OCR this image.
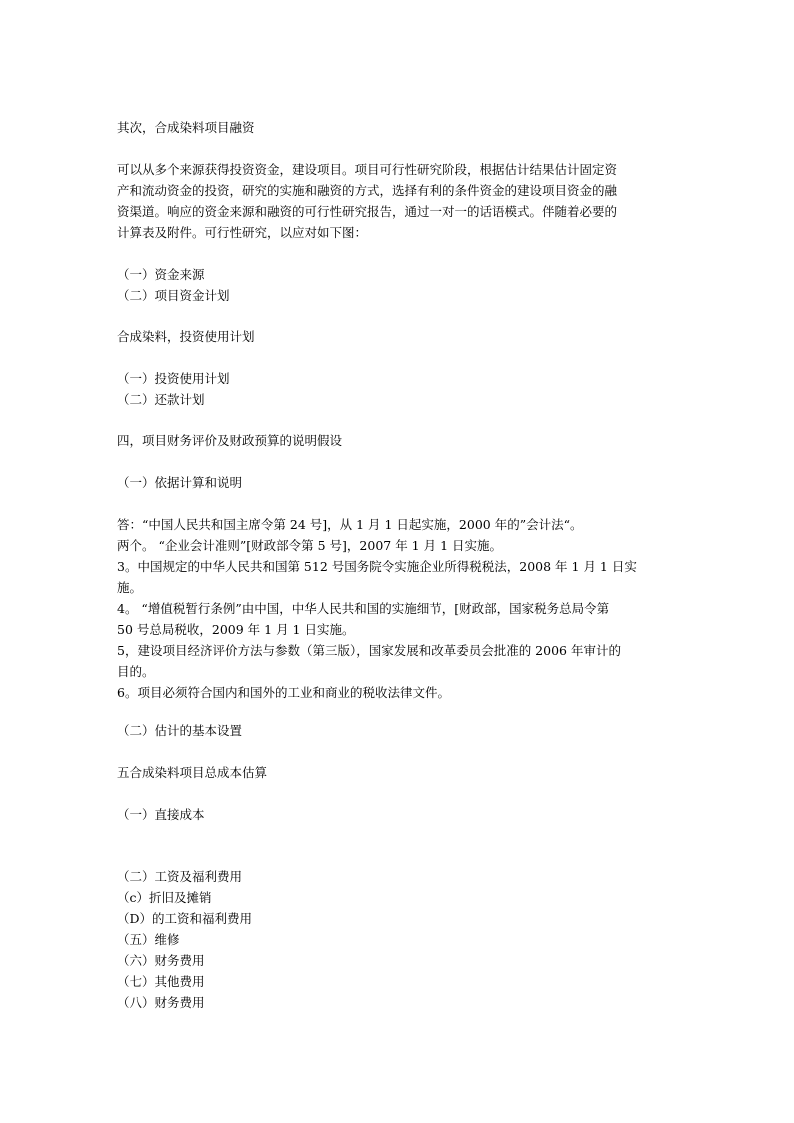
其次，合成染料项目融资
可以从多个来源获得投资资金，建设项目。项目可行性研究阶段，根据估计结果估计固定资
产和流动资金的投资，研究的实施和融资的方式，选择有利的条件资金的建设项目资金的融
资渠道。响应的资金来源和融资的可行性研究报告，通过一对一的话语模式。伴随着必要的
计算表及附件。可行性研究，以应对如下图：
（一）资金来源
（二）项目资金计划
合成染料，投资使用计划
（一）投资使用计划
（二）还款计划
四，项目财务评价及财政预算的说明假设
（一）依据计算和说明
答：“中国人民共和国主席令第 24 号]，从 1 月 1 日起实施，2000 年的”会计法“。
两个。 “企业会计准则”[财政部令第 5 号]，2007 年 1 月 1 日实施。
3。中国规定的中华人民共和国第 512 号国务院令实施企业所得税税法，2008 年 1 月 1 日实
施。
4。 “增值税暂行条例”由中国，中华人民共和国的实施细节，[财政部，国家税务总局令第
50 号总局税收，2009 年 1 月 1 日实施。
5，建设项目经济评价方法与参数（第三版），国家发展和改革委员会批准的 2006 年审计的
目的。
6。项目必须符合国内和国外的工业和商业的税收法律文件。
（二）估计的基本设置
五合成染料项目总成本估算
（一）直接成本
（二）工资及福利费用
（c）折旧及摊销
（D）的工资和福利费用
（五）维修
（六）财务费用
（七）其他费用
（八）财务费用
